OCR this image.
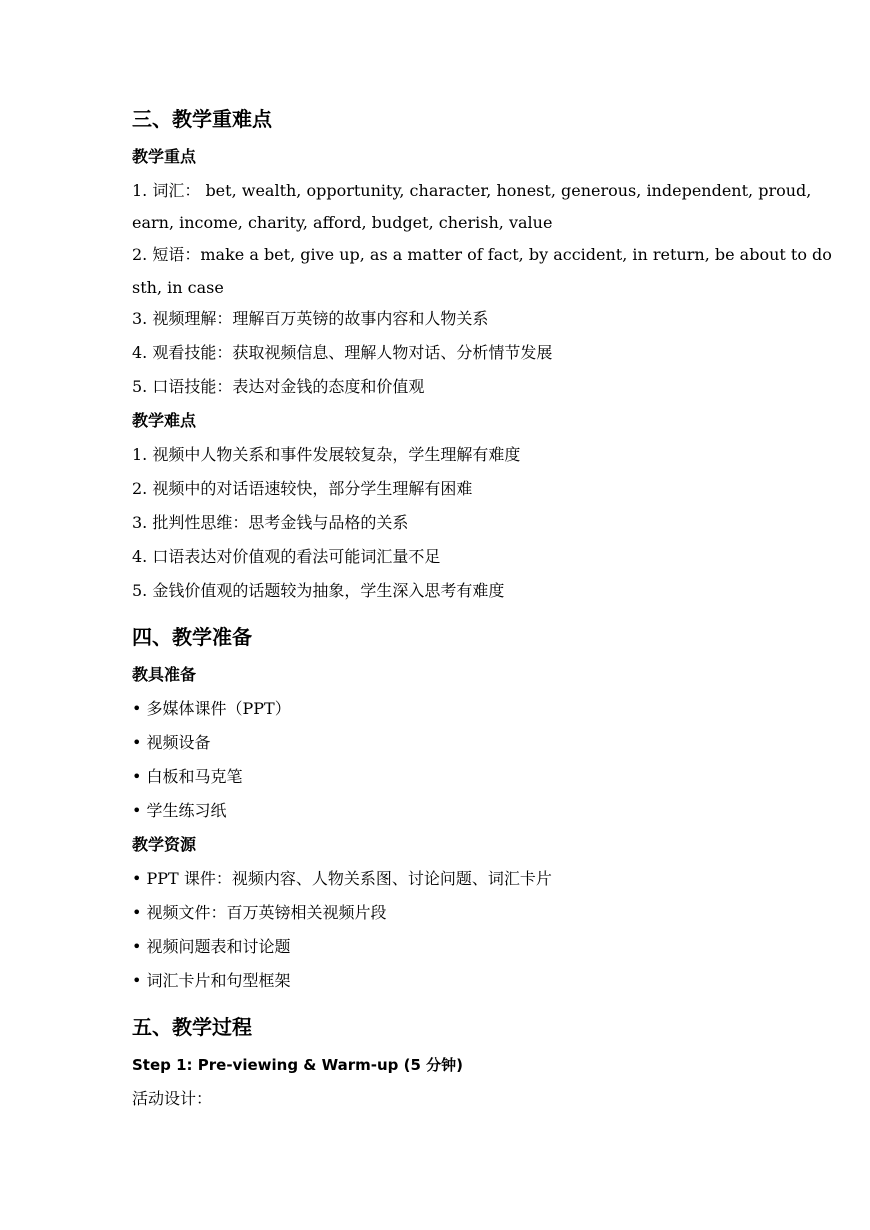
三、教学重难点
教学重点
1. 词汇： bet, wealth, opportunity, character, honest, generous, independent, proud,
earn, income, charity, afford, budget, cherish, value
2. 短语：make a bet, give up, as a matter of fact, by accident, in return, be about to do
sth, in case
3. 视频理解：理解百万英镑的故事内容和人物关系
4. 观看技能：获取视频信息、理解人物对话、分析情节发展
5. 口语技能：表达对金钱的态度和价值观
教学难点
1. 视频中人物关系和事件发展较复杂，学生理解有难度
2. 视频中的对话语速较快，部分学生理解有困难
3. 批判性思维：思考金钱与品格的关系
4. 口语表达对价值观的看法可能词汇量不足
5. 金钱价值观的话题较为抽象，学生深入思考有难度
四、教学准备
教具准备
• 多媒体课件（PPT）
• 视频设备
• 白板和马克笔
• 学生练习纸
教学资源
• PPT 课件：视频内容、人物关系图、讨论问题、词汇卡片
• 视频文件：百万英镑相关视频片段
• 视频问题表和讨论题
• 词汇卡片和句型框架
五、教学过程
Step 1: Pre-viewing & Warm-up (5 分钟)
活动设计：
